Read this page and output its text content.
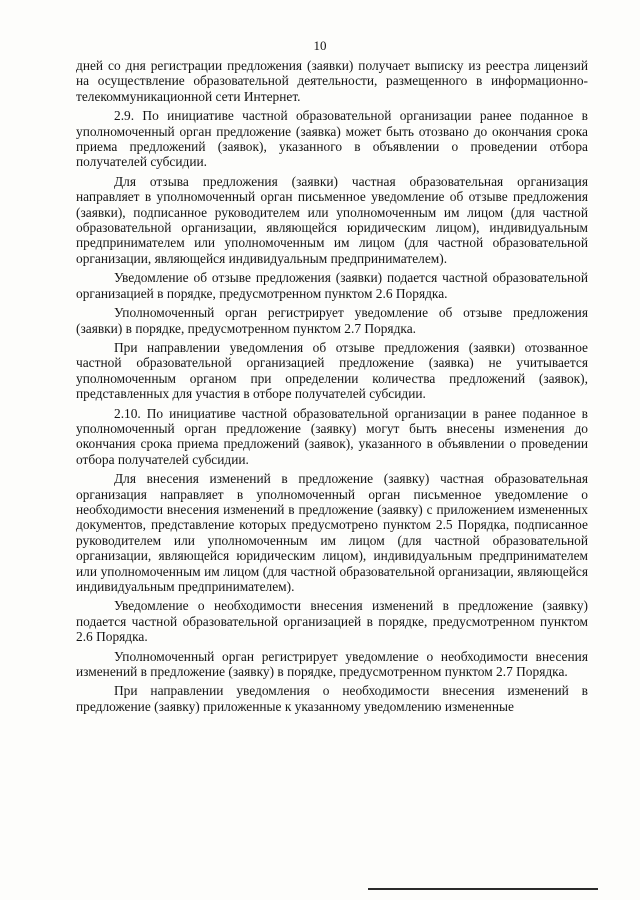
10

дней со дня регистрации предложения (заявки) получает выписку из реестра лицензий на осуществление образовательной деятельности, размещенного в информационно-телекоммуникационной сети Интернет.

2.9. По инициативе частной образовательной организации ранее поданное в уполномоченный орган предложение (заявка) может быть отозвано до окончания срока приема предложений (заявок), указанного в объявлении о проведении отбора получателей субсидии.

Для отзыва предложения (заявки) частная образовательная организация направляет в уполномоченный орган письменное уведомление об отзыве предложения (заявки), подписанное руководителем или уполномоченным им лицом (для частной образовательной организации, являющейся юридическим лицом), индивидуальным предпринимателем или уполномоченным им лицом (для частной образовательной организации, являющейся индивидуальным предпринимателем).

Уведомление об отзыве предложения (заявки) подается частной образовательной организацией в порядке, предусмотренном пунктом 2.6 Порядка.

Уполномоченный орган регистрирует уведомление об отзыве предложения (заявки) в порядке, предусмотренном пунктом 2.7 Порядка.

При направлении уведомления об отзыве предложения (заявки) отозванное частной образовательной организацией предложение (заявка) не учитывается уполномоченным органом при определении количества предложений (заявок), представленных для участия в отборе получателей субсидии.

2.10. По инициативе частной образовательной организации в ранее поданное в уполномоченный орган предложение (заявку) могут быть внесены изменения до окончания срока приема предложений (заявок), указанного в объявлении о проведении отбора получателей субсидии.

Для внесения изменений в предложение (заявку) частная образовательная организация направляет в уполномоченный орган письменное уведомление о необходимости внесения изменений в предложение (заявку) с приложением измененных документов, представление которых предусмотрено пунктом 2.5 Порядка, подписанное руководителем или уполномоченным им лицом (для частной образовательной организации, являющейся юридическим лицом), индивидуальным предпринимателем или уполномоченным им лицом (для частной образовательной организации, являющейся индивидуальным предпринимателем).

Уведомление о необходимости внесения изменений в предложение (заявку) подается частной образовательной организацией в порядке, предусмотренном пунктом 2.6 Порядка.

Уполномоченный орган регистрирует уведомление о необходимости внесения изменений в предложение (заявку) в порядке, предусмотренном пунктом 2.7 Порядка.

При направлении уведомления о необходимости внесения изменений в предложение (заявку) приложенные к указанному уведомлению измененные
